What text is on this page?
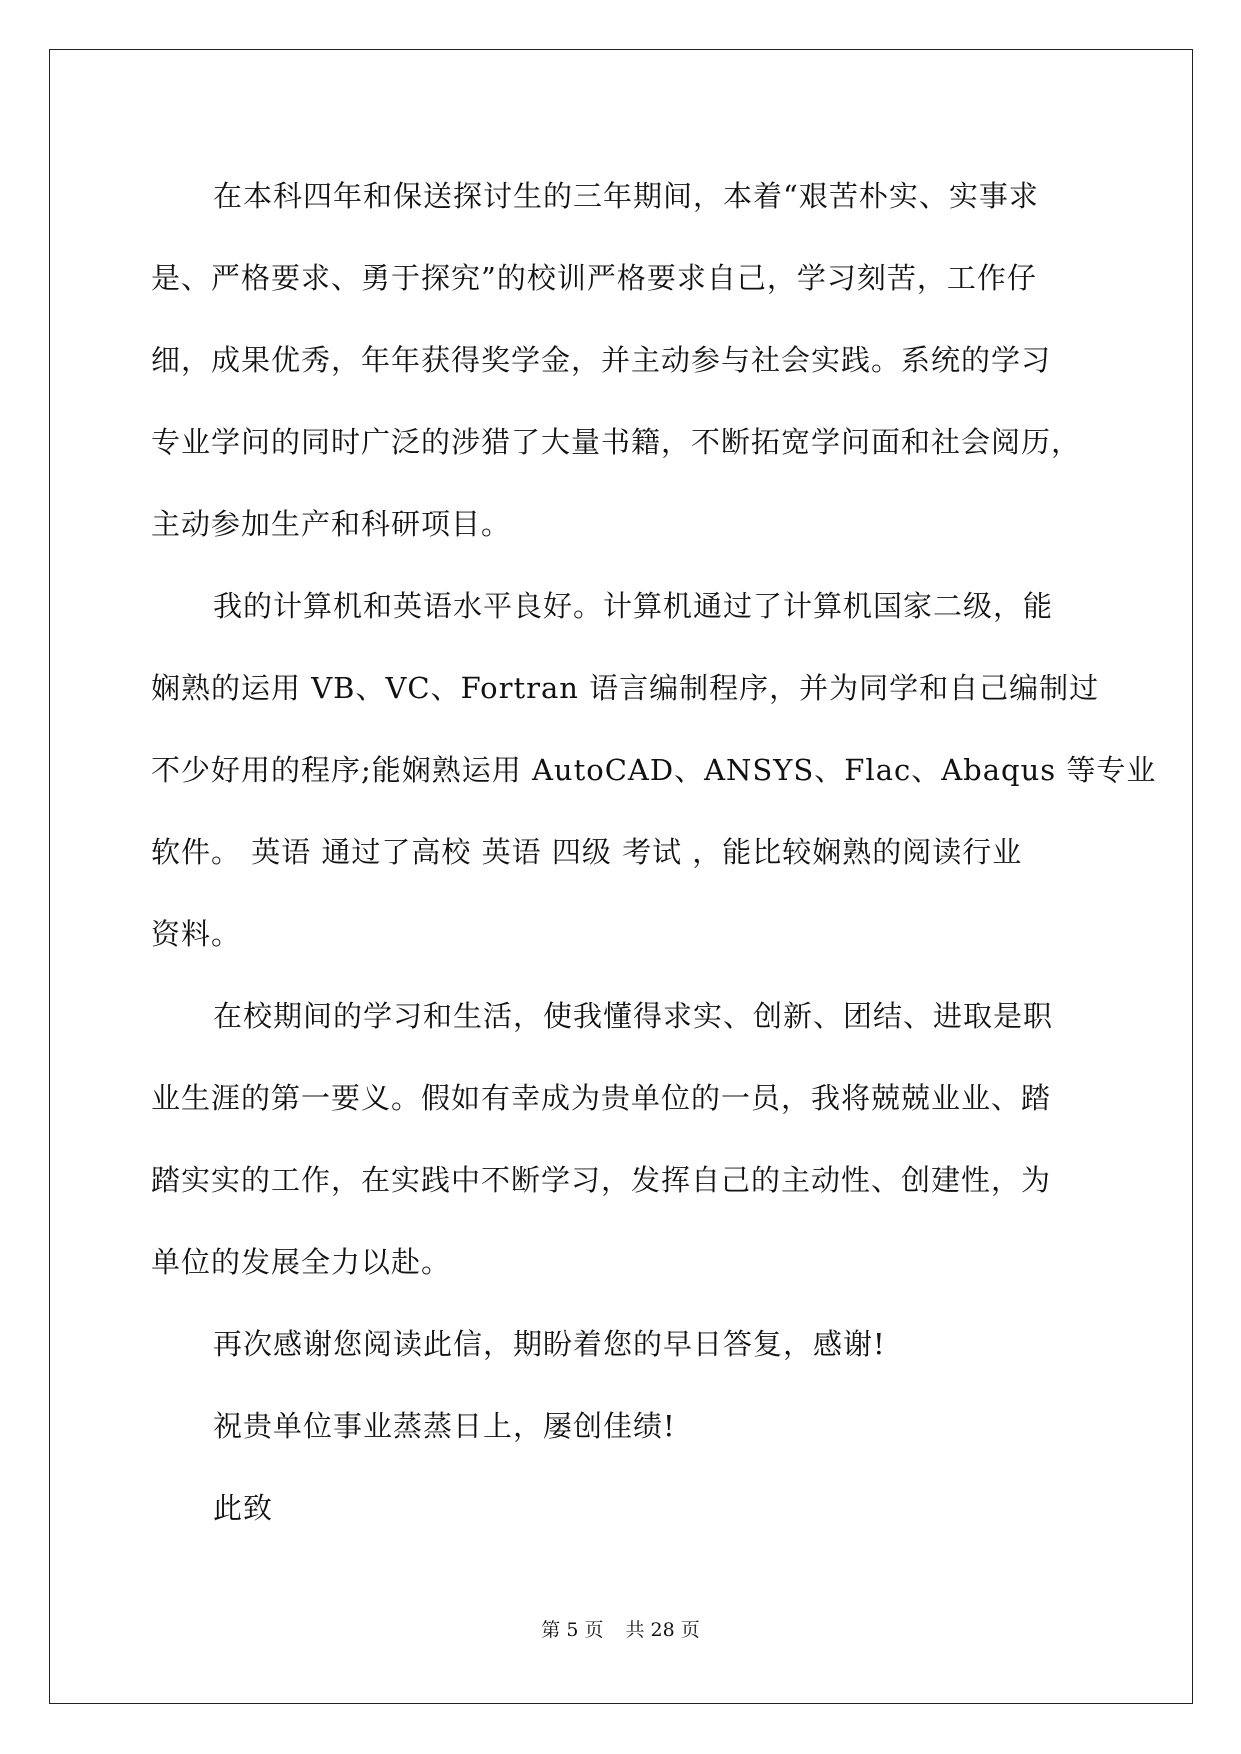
在本科四年和保送探讨生的三年期间，本着“艰苦朴实、实事求
是、严格要求、勇于探究”的校训严格要求自己，学习刻苦，工作仔
细，成果优秀，年年获得奖学金，并主动参与社会实践。系统的学习
专业学问的同时广泛的涉猎了大量书籍，不断拓宽学问面和社会阅历，
主动参加生产和科研项目。
我的计算机和英语水平良好。计算机通过了计算机国家二级，能
娴熟的运用 VB、VC、Fortran 语言编制程序，并为同学和自己编制过
不少好用的程序;能娴熟运用 AutoCAD、ANSYS、Flac、Abaqus 等专业
软件。 英语 通过了高校 英语 四级 考试 ，能比较娴熟的阅读行业
资料。
在校期间的学习和生活，使我懂得求实、创新、团结、进取是职
业生涯的第一要义。假如有幸成为贵单位的一员，我将兢兢业业、踏
踏实实的工作，在实践中不断学习，发挥自己的主动性、创建性，为
单位的发展全力以赴。
再次感谢您阅读此信，期盼着您的早日答复，感谢!
祝贵单位事业蒸蒸日上，屡创佳绩!
此致
第 5 页 共 28 页
